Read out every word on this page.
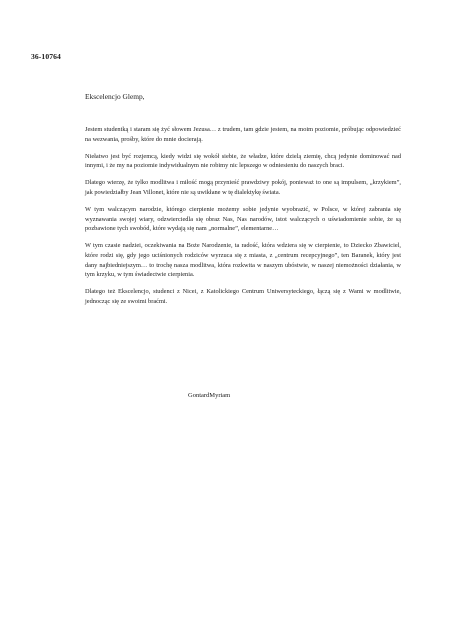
36-10764
Ekscelencjo Glemp,

Jestem studentką i staram się żyć słowem Jezusa… z trudem, tam gdzie jestem, na moim poziomie, próbując odpowiedzieć na wezwania, prośby, które do mnie docierają.

Niełatwo jest być rozjemcą, kiedy widzi się wokół siebie, że władze, które dzielą ziemię, chcą jedynie dominować nad innymi, i że my na poziomie indywidualnym nie robimy nic lepszego w odniesieniu do naszych braci.

Dlatego wierzę, że tylko modlitwa i miłość mogą przynieść prawdziwy pokój, ponieważ to one są impulsem, „krzykiem”, jak powiedziałby Jean Villonet, które nie są uwikłane w tę dialektykę świata.

W tym walczącym narodzie, którego cierpienie możemy sobie jedynie wyobrazić, w Polsce, w której zabrania się wyznawania swojej wiary, odzwierciedla się obraz Nas, Nas narodów, istot walczących o uświadomienie sobie, że są pozbawione tych swobód, które wydają się nam „normalne”, elementarne…

W tym czasie nadziei, oczekiwania na Boże Narodzenie, ta radość, która wdziera się w cierpienie, to Dziecko Zbawiciel, które rodzi się, gdy jego uciśnionych rodziców wyrzuca się z miasta, z „centrum recepcyjnego”, ten Baranek, który jest dany najbiedniejszym… to trochę nasza modlitwa, która rozkwita w naszym ubóstwie, w naszej niemożności działania, w tym krzyku, w tym świadectwie cierpienia.

Dlatego też Ekscelencjo, studenci z Nicei, z Katolickiego Centrum Uniwersyteckiego, łączą się z Wami w modlitwie, jednocząc się ze swoimi braćmi.

GontardMyriam
